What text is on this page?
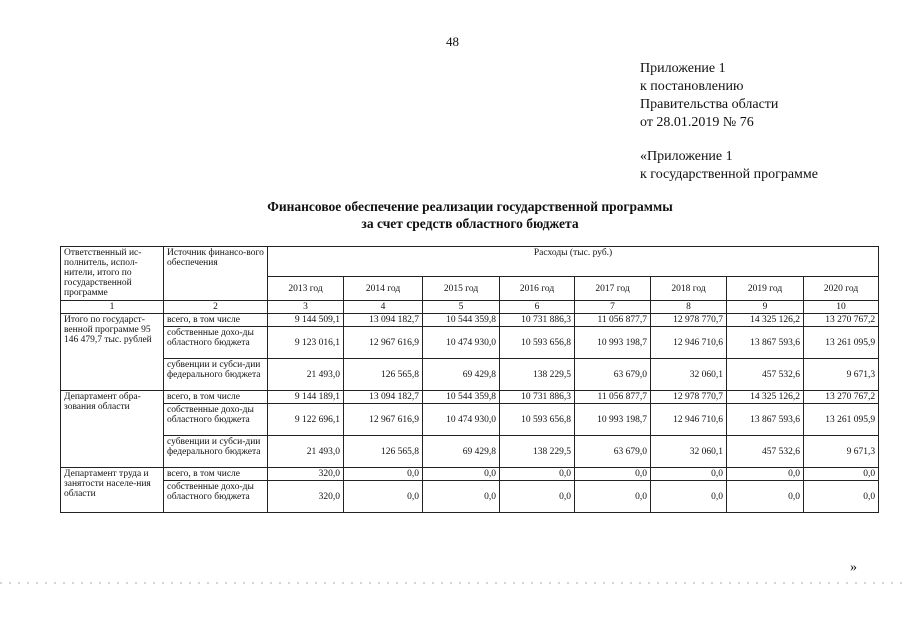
48
Приложение 1
к постановлению
Правительства области
от 28.01.2019 № 76
«Приложение 1
к государственной программе
Финансовое обеспечение реализации государственной программы
за счет средств областного бюджета
Ответственный ис-полнитель, испол-нители, итого по государственной программе	Источник финансо-вого обеспечения	Расходы (тыс. руб.)							
		2013 год	2014 год	2015 год	2016 год	2017 год	2018 год	2019 год	2020 год
1	2	3	4	5	6	7	8	9	10
Итого по государст-венной программе 95 146 479,7 тыс. рублей	всего, в том числе	9 144 509,1	13 094 182,7	10 544 359,8	10 731 886,3	11 056 877,7	12 978 770,7	14 325 126,2	13 270 767,2
	собственные дохо-ды областного бюджета	9 123 016,1	12 967 616,9	10 474 930,0	10 593 656,8	10 993 198,7	12 946 710,6	13 867 593,6	13 261 095,9
	субвенции и субси-дии федерального бюджета	21 493,0	126 565,8	69 429,8	138 229,5	63 679,0	32 060,1	457 532,6	9 671,3
Департамент обра-зования области	всего, в том числе	9 144 189,1	13 094 182,7	10 544 359,8	10 731 886,3	11 056 877,7	12 978 770,7	14 325 126,2	13 270 767,2
	собственные дохо-ды областного бюджета	9 122 696,1	12 967 616,9	10 474 930,0	10 593 656,8	10 993 198,7	12 946 710,6	13 867 593,6	13 261 095,9
	субвенции и субси-дии федерального бюджета	21 493,0	126 565,8	69 429,8	138 229,5	63 679,0	32 060,1	457 532,6	9 671,3
Департамент труда и занятости населе-ния области	всего, в том числе	320,0	0,0	0,0	0,0	0,0	0,0	0,0	0,0
	собственные дохо-ды областного бюджета	320,0	0,0	0,0	0,0	0,0	0,0	0,0	0,0
»
